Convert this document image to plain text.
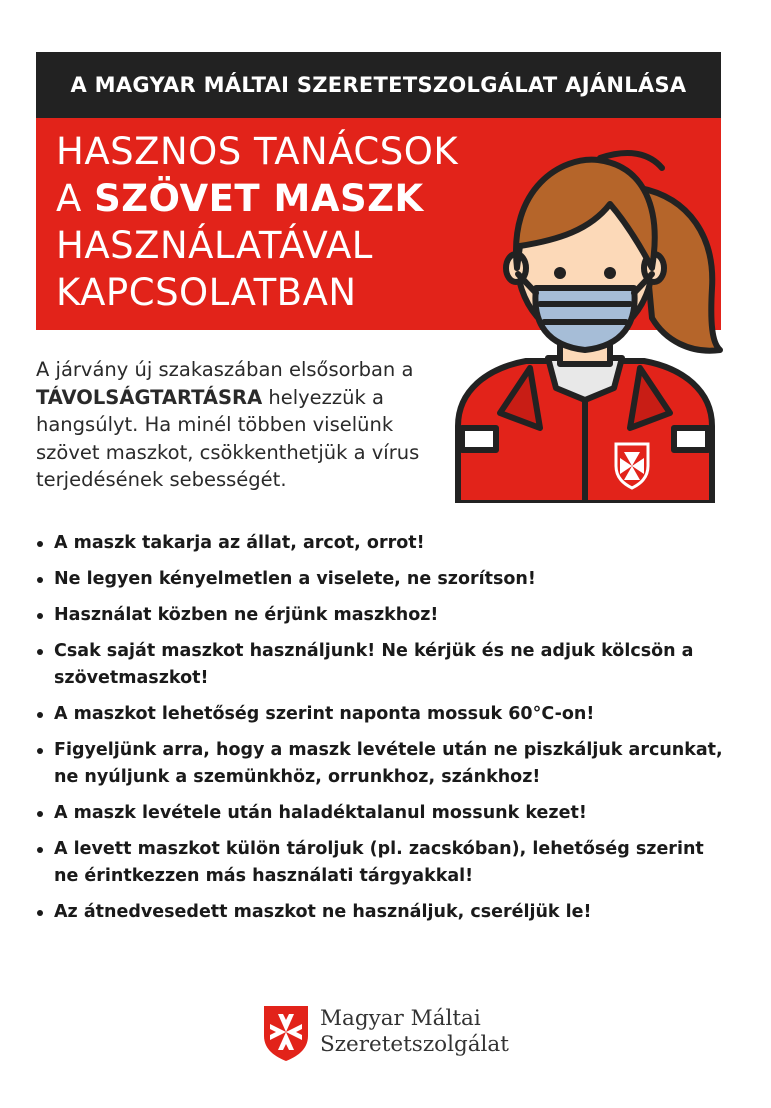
A MAGYAR MÁLTAI SZERETETSZOLGÁLAT AJÁNLÁSA
HASZNOS TANÁCSOK
A SZÖVET MASZK
HASZNÁLATÁVAL
KAPCSOLATBAN

A járvány új szakaszában elsősorban a TÁVOLSÁGTARTÁSRA helyezzük a hangsúlyt. Ha minél többen viselünk szövet maszkot, csökkenthetjük a vírus terjedésének sebességét.

A maszk takarja az állat, arcot, orrot!
Ne legyen kényelmetlen a viselete, ne szorítson!
Használat közben ne érjünk maszkhoz!
Csak saját maszkot használjunk! Ne kérjük és ne adjuk kölcsön a szövetmaszkot!
A maszkot lehetőség szerint naponta mossuk 60°C-on!
Figyeljünk arra, hogy a maszk levétele után ne piszkáljuk arcunkat, ne nyúljunk a szemünkhöz, orrunkhoz, szánkhoz!
A maszk levétele után haladéktalanul mossunk kezet!
A levett maszkot külön tároljuk (pl. zacskóban), lehetőség szerint ne érintkezzen más használati tárgyakkal!
Az átnedvesedett maszkot ne használjuk, cseréljük le!
Magyar Máltai
Szeretetszolgálat
